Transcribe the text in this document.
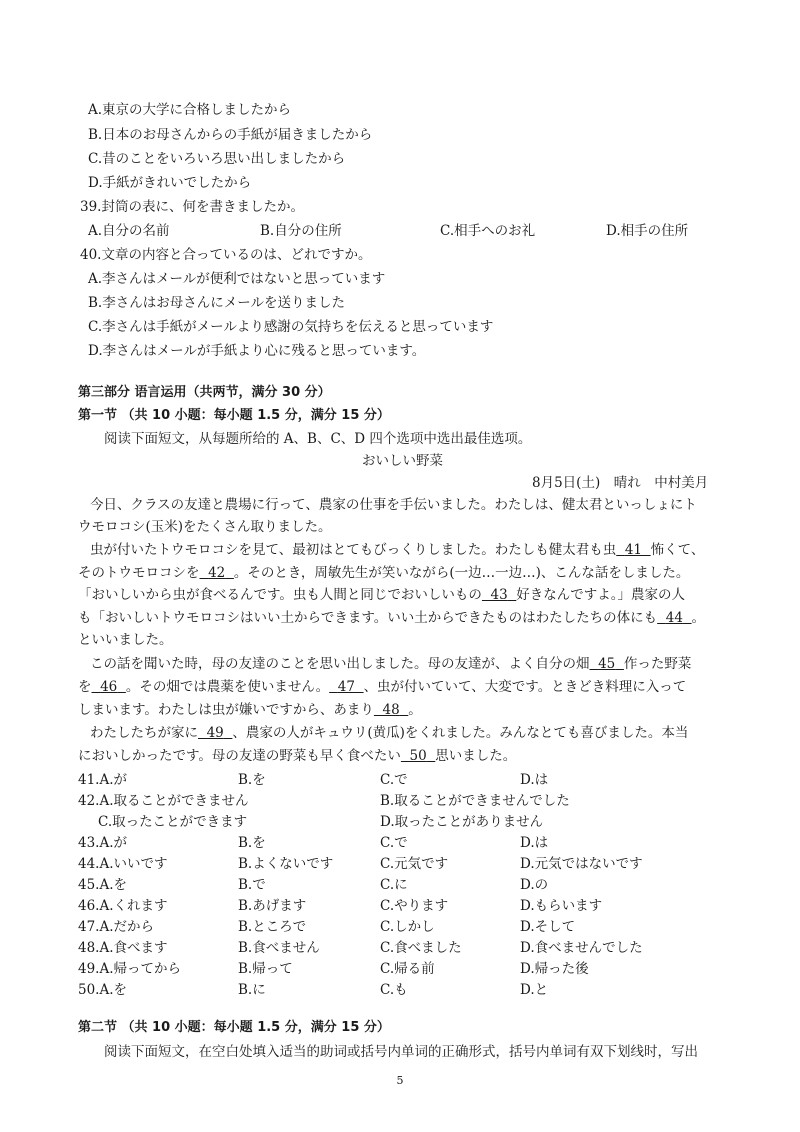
A.東京の大学に合格しましたから
B.日本のお母さんからの手紙が届きましたから
C.昔のことをいろいろ思い出しましたから
D.手紙がきれいでしたから
39.封筒の表に、何を書きましたか。
A.自分の名前	B.自分の住所	C.相手へのお礼	D.相手の住所
40.文章の内容と合っているのは、どれですか。
A.李さんはメールが便利ではないと思っています
B.李さんはお母さんにメールを送りました
C.李さんは手紙がメールより感謝の気持ちを伝えると思っています
D.李さんはメールが手紙より心に残ると思っています。
第三部分 语言运用（共两节，满分 30 分）
第一节 （共 10 小题：每小题 1.5 分，满分 15 分）
阅读下面短文，从每题所给的 A、B、C、D 四个选项中选出最佳选项。
おいしい野菜
8月5日(土)　晴れ　中村美月
今日、クラスの友達と農場に行って、農家の仕事を手伝いました。わたしは、健太君といっしょにト
ウモロコシ(玉米)をたくさん取りました。
虫が付いたトウモロコシを見て、最初はとてもびっくりしました。わたしも健太君も虫 41 怖くて、
そのトウモロコシを 42 。そのとき，周敏先生が笑いながら(一边…一边…)、こんな話をしました。
「おいしいから虫が食べるんです。虫も人間と同じでおいしいもの 43 好きなんですよ。」農家の人
も「おいしいトウモロコシはいい土からできます。いい土からできたものはわたしたちの体にも 44 。
といいました。
この話を聞いた時，母の友達のことを思い出しました。母の友達が、よく自分の畑 45 作った野菜
を 46 。その畑では農薬を使いません。 47 、虫が付いていて、大変です。ときどき料理に入って
しまいます。わたしは虫が嫌いですから、あまり 48 。
わたしたちが家に 49 、農家の人がキュウリ(黄瓜)をくれました。みんなとても喜びました。本当
においしかったです。母の友達の野菜も早く食べたい 50 思いました。
41.A.が	B.を	C.で	D.は
42.A.取ることができません	B.取ることができませんでした
C.取ったことができます	D.取ったことがありません
43.A.が	B.を	C.で	D.は
44.A.いいです	B.よくないです	C.元気です	D.元気ではないです
45.A.を	B.で	C.に	D.の
46.A.くれます	B.あげます	C.やります	D.もらいます
47.A.だから	B.ところで	C.しかし	D.そして
48.A.食べます	B.食べません	C.食べました	D.食べませんでした
49.A.帰ってから	B.帰って	C.帰る前	D.帰った後
50.A.を	B.に	C.も	D.と
第二节 （共 10 小题：每小题 1.5 分，满分 15 分）
阅读下面短文，在空白处填入适当的助词或括号内单词的正确形式，括号内单词有双下划线时，写出
5
